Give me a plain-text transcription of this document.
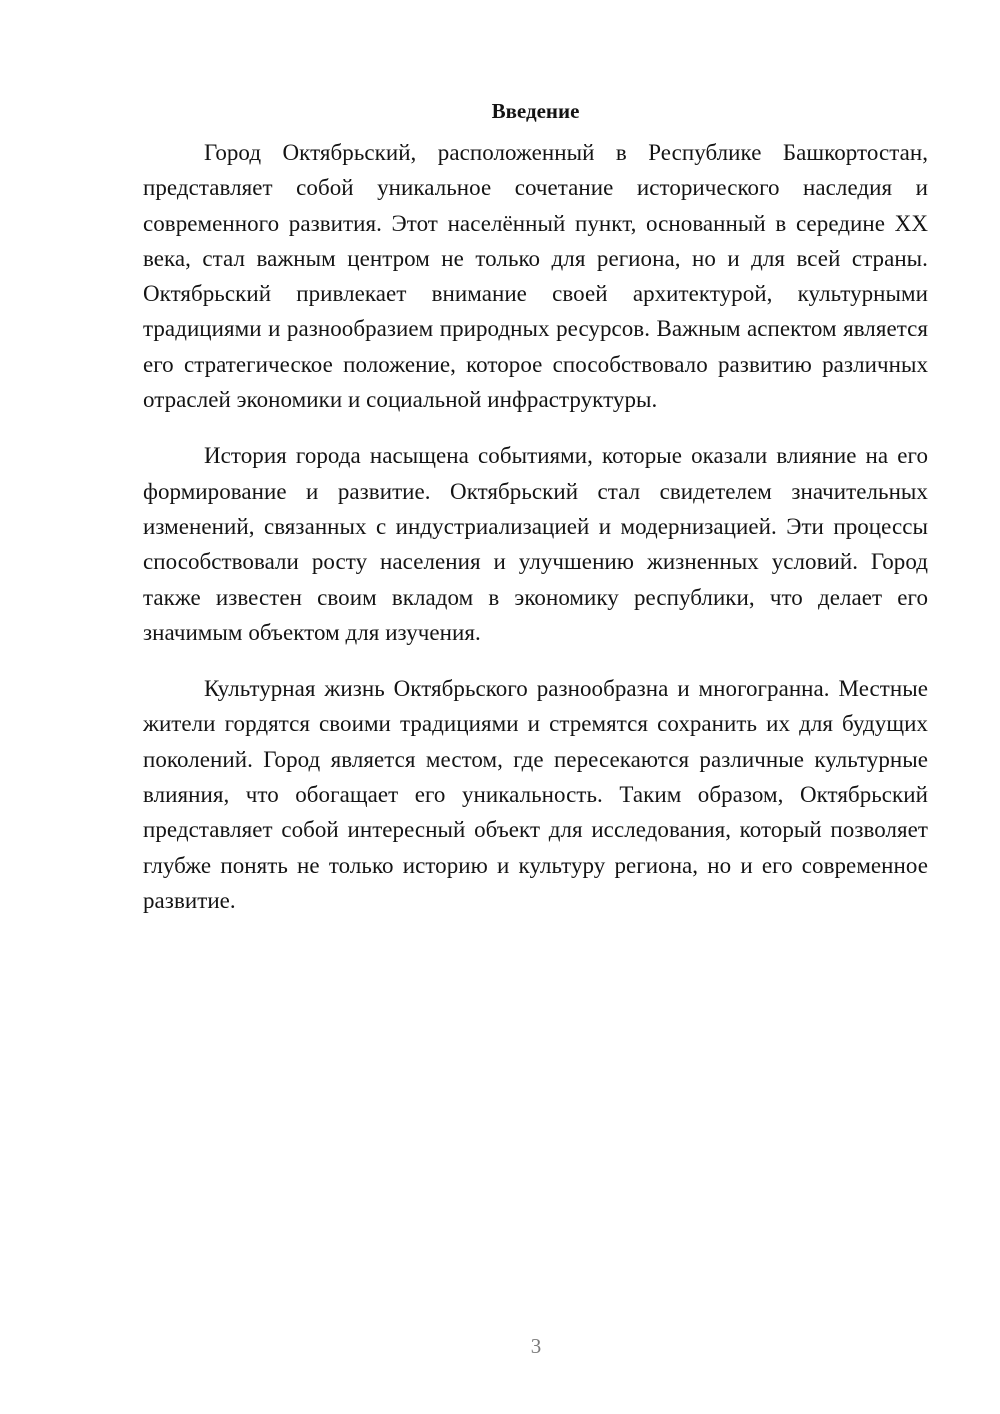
Введение

Город Октябрьский, расположенный в Республике Башкортостан, представляет собой уникальное сочетание исторического наследия и современного развития. Этот населённый пункт, основанный в середине XX века, стал важным центром не только для региона, но и для всей страны. Октябрьский привлекает внимание своей архитектурой, культурными традициями и разнообразием природных ресурсов. Важным аспектом является его стратегическое положение, которое способствовало развитию различных отраслей экономики и социальной инфраструктуры.

История города насыщена событиями, которые оказали влияние на его формирование и развитие. Октябрьский стал свидетелем значительных изменений, связанных с индустриализацией и модернизацией. Эти процессы способствовали росту населения и улучшению жизненных условий. Город также известен своим вкладом в экономику республики, что делает его значимым объектом для изучения.

Культурная жизнь Октябрьского разнообразна и многогранна. Местные жители гордятся своими традициями и стремятся сохранить их для будущих поколений. Город является местом, где пересекаются различные культурные влияния, что обогащает его уникальность. Таким образом, Октябрьский представляет собой интересный объект для исследования, который позволяет глубже понять не только историю и культуру региона, но и его современное развитие.

3
